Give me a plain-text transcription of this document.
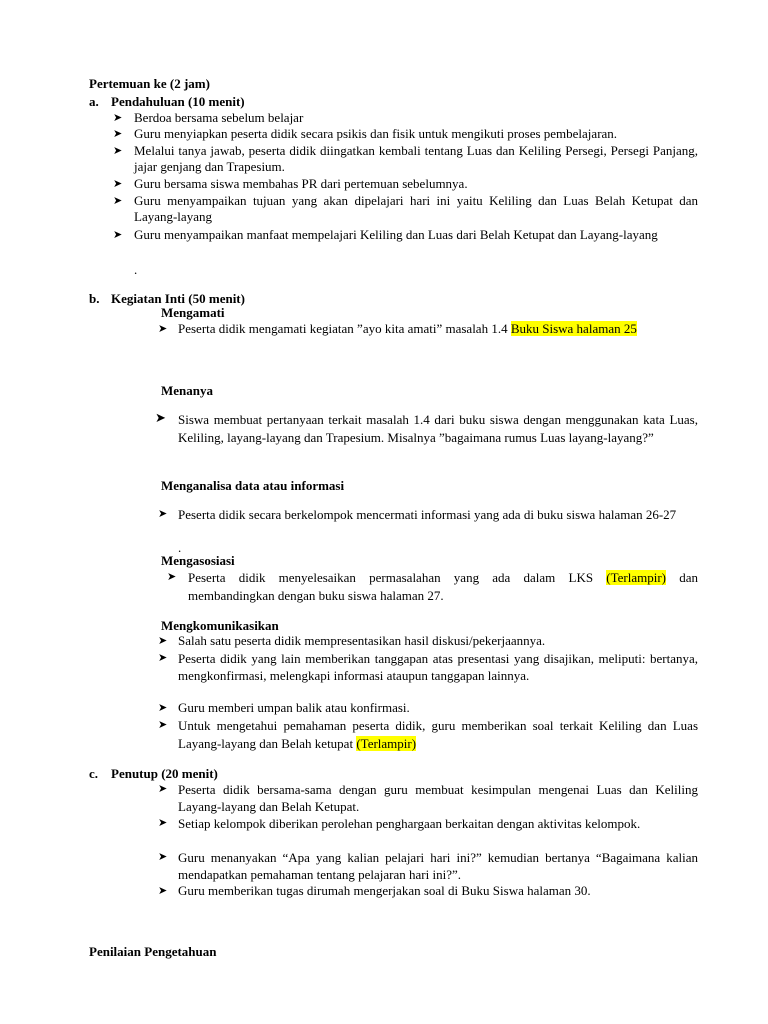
Pertemuan ke (2 jam)
a. Pendahuluan (10 menit)
➤ Berdoa bersama sebelum belajar
➤ Guru menyiapkan peserta didik secara psikis dan fisik untuk mengikuti proses pembelajaran.
➤ Melalui tanya jawab, peserta didik diingatkan kembali tentang Luas dan Keliling Persegi, Persegi Panjang, jajar genjang dan Trapesium.
➤ Guru bersama siswa membahas PR dari pertemuan sebelumnya.
➤ Guru menyampaikan tujuan yang akan dipelajari hari ini yaitu Keliling dan Luas Belah Ketupat dan Layang-layang
➤ Guru menyampaikan manfaat mempelajari Keliling dan Luas dari Belah Ketupat dan Layang-layang
.
b. Kegiatan Inti (50 menit)
Mengamati
➤ Peserta didik mengamati kegiatan ”ayo kita amati” masalah 1.4 Buku Siswa halaman 25
Menanya
➤ Siswa membuat pertanyaan terkait masalah 1.4 dari buku siswa dengan menggunakan kata Luas, Keliling, layang-layang dan Trapesium. Misalnya ”bagaimana rumus Luas layang-layang?”
Menganalisa data atau informasi
➤ Peserta didik secara berkelompok mencermati informasi yang ada di buku siswa halaman 26-27
.
Mengasosiasi
➤ Peserta didik menyelesaikan permasalahan yang ada dalam LKS (Terlampir) dan membandingkan dengan buku siswa halaman 27.
Mengkomunikasikan
➤ Salah satu peserta didik mempresentasikan hasil diskusi/pekerjaannya.
➤ Peserta didik yang lain memberikan tanggapan atas presentasi yang disajikan, meliputi: bertanya, mengkonfirmasi, melengkapi informasi ataupun tanggapan lainnya.
➤ Guru memberi umpan balik atau konfirmasi.
➤ Untuk mengetahui pemahaman peserta didik, guru memberikan soal terkait Keliling dan Luas Layang-layang dan Belah ketupat (Terlampir)
c. Penutup (20 menit)
➤ Peserta didik bersama-sama dengan guru membuat kesimpulan mengenai Luas dan Keliling Layang-layang dan Belah Ketupat.
➤ Setiap kelompok diberikan perolehan penghargaan berkaitan dengan aktivitas kelompok.
➤ Guru menanyakan “Apa yang kalian pelajari hari ini?” kemudian bertanya “Bagaimana kalian mendapatkan pemahaman tentang pelajaran hari ini?”.
➤ Guru memberikan tugas dirumah mengerjakan soal di Buku Siswa halaman 30.
Penilaian Pengetahuan
